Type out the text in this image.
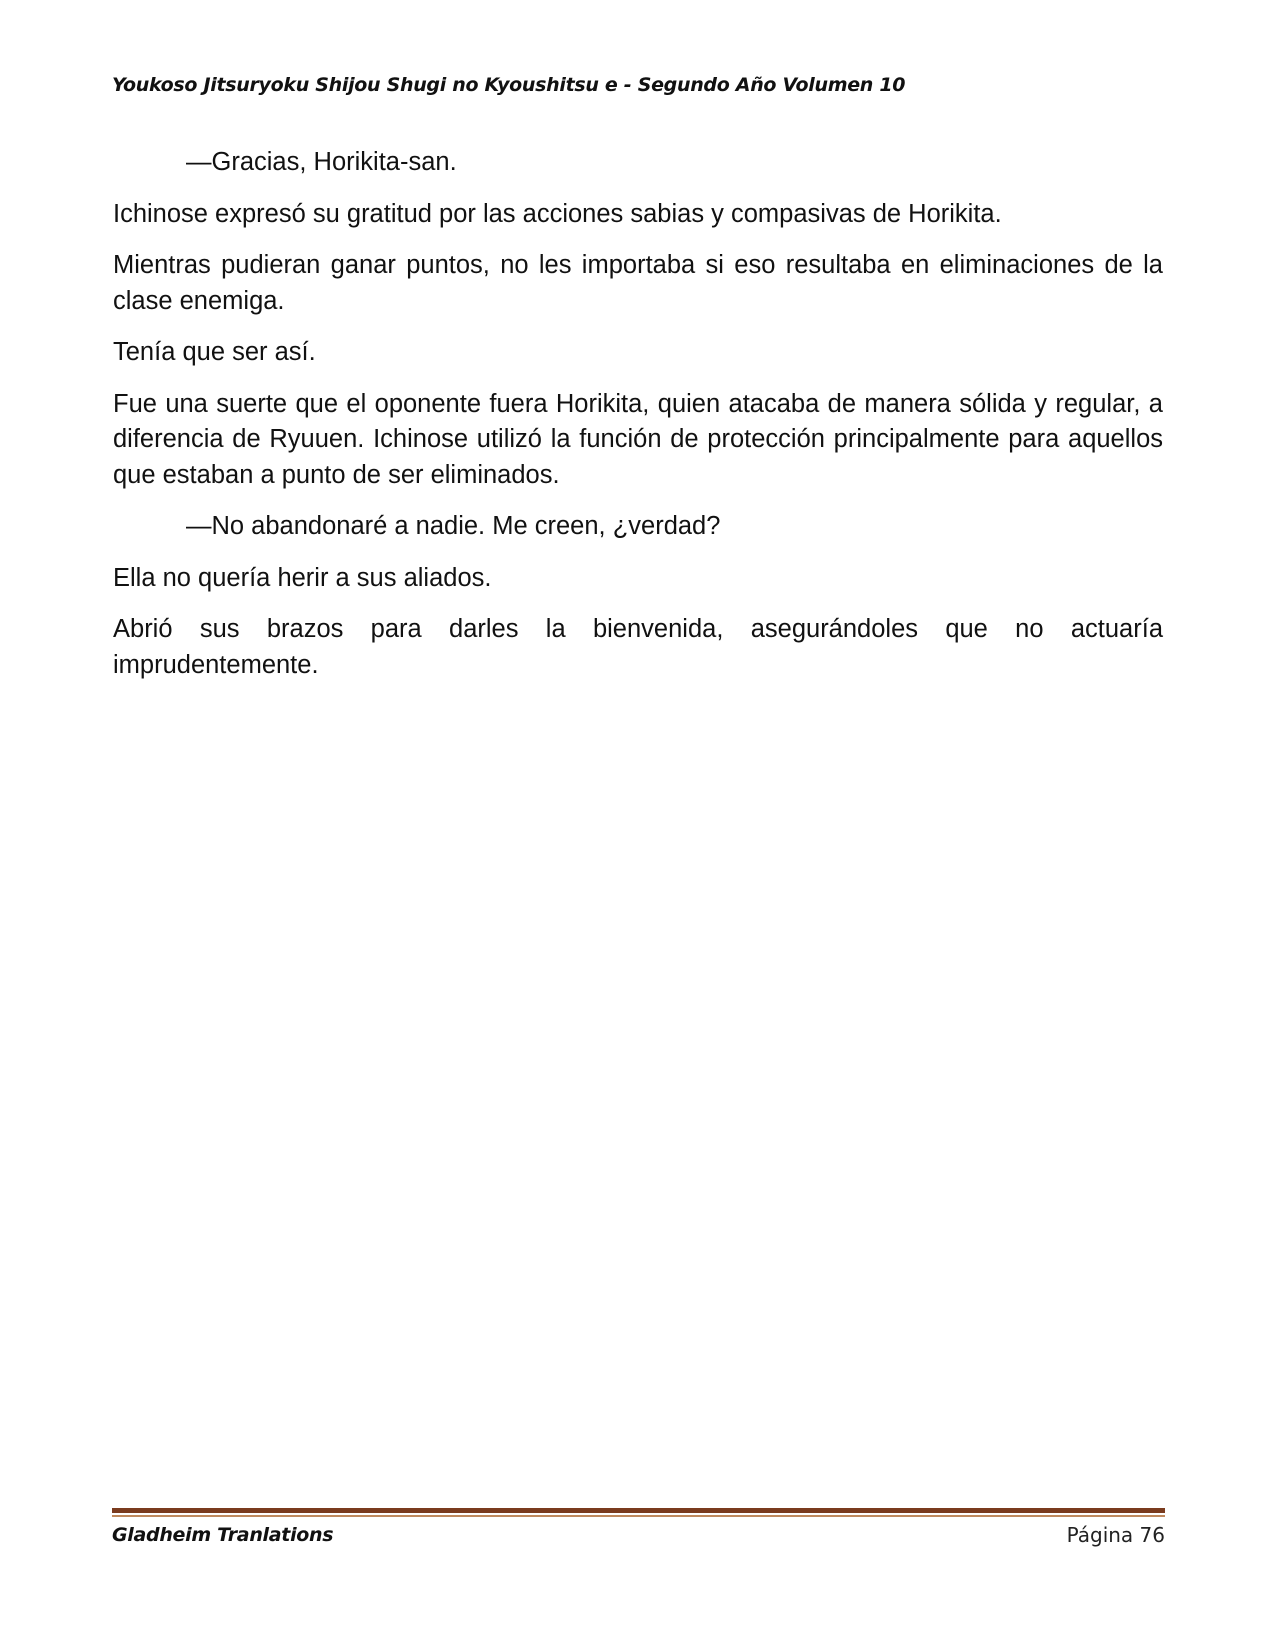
Youkoso Jitsuryoku Shijou Shugi no Kyoushitsu e - Segundo Año Volumen 10

—Gracias, Horikita-san.

Ichinose expresó su gratitud por las acciones sabias y compasivas de Horikita.

Mientras pudieran ganar puntos, no les importaba si eso resultaba en eliminaciones de la clase enemiga.

Tenía que ser así.

Fue una suerte que el oponente fuera Horikita, quien atacaba de manera sólida y regular, a diferencia de Ryuuen. Ichinose utilizó la función de protección principalmente para aquellos que estaban a punto de ser eliminados.

—No abandonaré a nadie. Me creen, ¿verdad?

Ella no quería herir a sus aliados.

Abrió sus brazos para darles la bienvenida, asegurándoles que no actuaría imprudentemente.

Gladheim Tranlations	Página 76
